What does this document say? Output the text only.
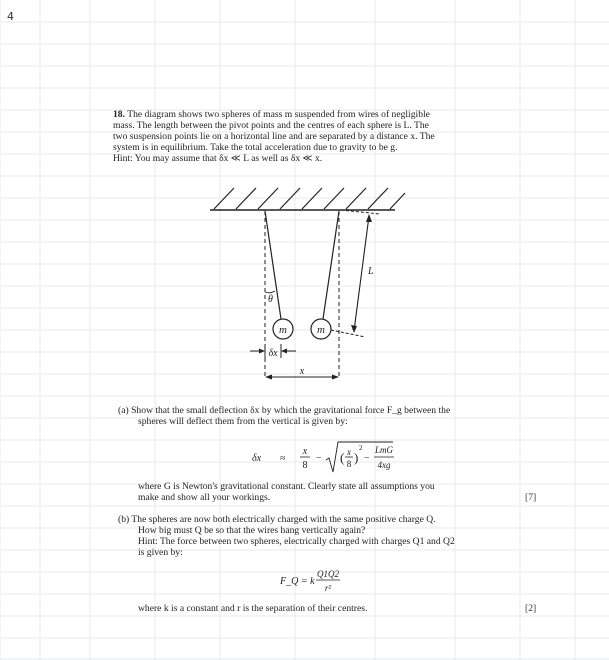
4
18. The diagram shows two spheres of mass m suspended from wires of negligible
mass. The length between the pivot points and the centres of each sphere is L. The
two suspension points lie on a horizontal line and are separated by a distance x. The
system is in equilibrium. Take the total acceleration due to gravity to be g.
Hint: You may assume that δx ≪ L as well as δx ≪ x.
θ
m	m
L
δx
x
(a) Show that the small deflection δx by which the gravitational force F_g between the
spheres will deflect them from the vertical is given by:
δx ≈
x
8
− ( x
8 )
2
−
LmG
4xg
where G is Newton's gravitational constant. Clearly state all assumptions you
make and show all your workings.	[7]
(b) The spheres are now both electrically charged with the same positive charge Q.
How big must Q be so that the wires hang vertically again?
Hint: The force between two spheres, electrically charged with charges Q1 and Q2
is given by:
F_Q = k
Q1Q2
r²
where k is a constant and r is the separation of their centres.	[2]
